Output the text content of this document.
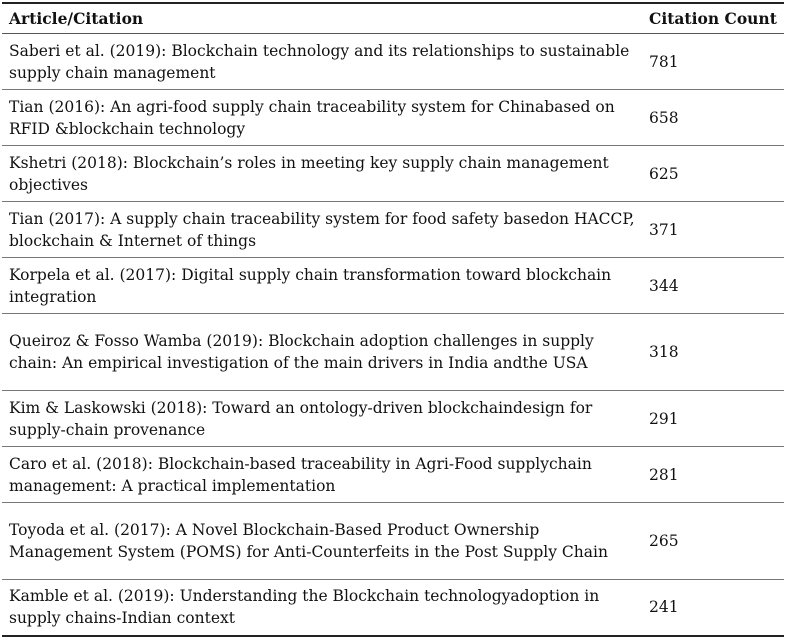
Article/Citation	Citation Count
Saberi et al. (2019): Blockchain technology and its relationships to sustainable supply chain management	781
Tian (2016): An agri-food supply chain traceability system for Chinabased on RFID &blockchain technology	658
Kshetri (2018): Blockchain’s roles in meeting key supply chain management objectives	625
Tian (2017): A supply chain traceability system for food safety basedon HACCP, blockchain & Internet of things	371
Korpela et al. (2017): Digital supply chain transformation toward blockchain integration	344
Queiroz & Fosso Wamba (2019): Blockchain adoption challenges in supply chain: An empirical investigation of the main drivers in India andthe USA	318
Kim & Laskowski (2018): Toward an ontology-driven blockchaindesign for supply-chain provenance	291
Caro et al. (2018): Blockchain-based traceability in Agri-Food supplychain management: A practical implementation	281
Toyoda et al. (2017): A Novel Blockchain-Based Product Ownership Management System (POMS) for Anti-Counterfeits in the Post Supply Chain	265
Kamble et al. (2019): Understanding the Blockchain technologyadoption in supply chains-Indian context	241
